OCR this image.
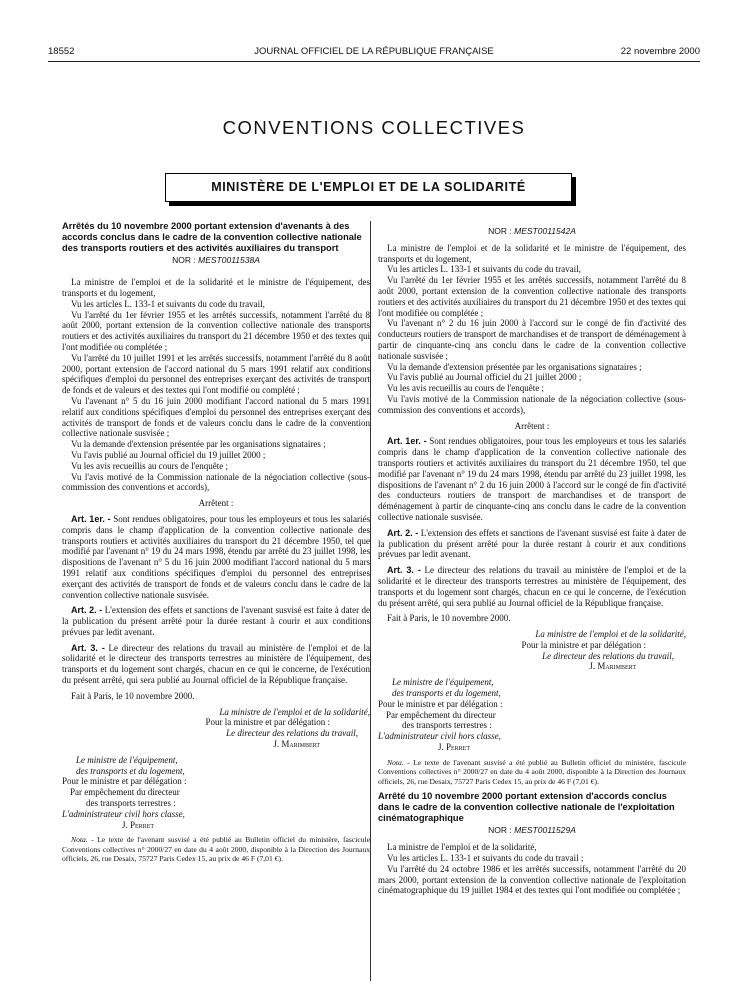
18552	JOURNAL OFFICIEL DE LA RÉPUBLIQUE FRANÇAISE	22 novembre 2000
CONVENTIONS COLLECTIVES
MINISTÈRE DE L'EMPLOI ET DE LA SOLIDARITÉ
Arrêtés du 10 novembre 2000 portant extension d'avenants à des accords conclus dans le cadre de la convention collective nationale des transports routiers et des activités auxiliaires du transport
NOR : MEST0011538A

La ministre de l'emploi et de la solidarité et le ministre de l'équipement, des transports et du logement,

Vu les articles L. 133-1 et suivants du code du travail,

Vu l'arrêté du 1er février 1955 et les arrêtés successifs, notamment l'arrêté du 8 août 2000, portant extension de la convention collective nationale des transports routiers et des activités auxiliaires du transport du 21 décembre 1950 et des textes qui l'ont modifiée ou complétée ;

Vu l'arrêté du 10 juillet 1991 et les arrêtés successifs, notamment l'arrêté du 8 août 2000, portant extension de l'accord national du 5 mars 1991 relatif aux conditions spécifiques d'emploi du personnel des entreprises exerçant des activités de transport de fonds et de valeurs et des textes qui l'ont modifié ou complété ;

Vu l'avenant n° 5 du 16 juin 2000 modifiant l'accord national du 5 mars 1991 relatif aux conditions spécifiques d'emploi du personnel des entreprises exerçant des activités de transport de fonds et de valeurs conclu dans le cadre de la convention collective nationale susvisée ;

Vu la demande d'extension présentée par les organisations signataires ;

Vu l'avis publié au Journal officiel du 19 juillet 2000 ;

Vu les avis recueillis au cours de l'enquête ;

Vu l'avis motivé de la Commission nationale de la négociation collective (sous-commission des conventions et accords),

Arrêtent :

Art. 1er. - Sont rendues obligatoires, pour tous les employeurs et tous les salariés compris dans le champ d'application de la convention collective nationale des transports routiers et activités auxiliaires du transport du 21 décembre 1950, tel que modifié par l'avenant n° 19 du 24 mars 1998, étendu par arrêté du 23 juillet 1998, les dispositions de l'avenant n° 5 du 16 juin 2000 modifiant l'accord national du 5 mars 1991 relatif aux conditions spécifiques d'emploi du personnel des entreprises exerçant des activités de transport de fonds et de valeurs conclu dans le cadre de la convention collective nationale susvisée.

Art. 2. - L'extension des effets et sanctions de l'avenant susvisé est faite à dater de la publication du présent arrêté pour la durée restant à courir et aux conditions prévues par ledit avenant.

Art. 3. - Le directeur des relations du travail au ministère de l'emploi et de la solidarité et le directeur des transports terrestres au ministère de l'équipement, des transports et du logement sont chargés, chacun en ce qui le concerne, de l'exécution du présent arrêté, qui sera publié au Journal officiel de la République française.

Fait à Paris, le 10 novembre 2000.

La ministre de l'emploi et de la solidarité,

Pour la ministre et par délégation :

Le directeur des relations du travail,

J. Marimbert

Le ministre de l'équipement,

des transports et du logement,

Pour le ministre et par délégation :

Par empêchement du directeur

des transports terrestres :

L'administrateur civil hors classe,

J. Perret

Nota. - Le texte de l'avenant susvisé a été publié au Bulletin officiel du ministère, fascicule Conventions collectives n° 2000/27 en date du 4 août 2000, disponible à la Direction des Journaux officiels, 26, rue Desaix, 75727 Paris Cedex 15, au prix de 46 F (7,01 €).

NOR : MEST0011542A

La ministre de l'emploi et de la solidarité et le ministre de l'équipement, des transports et du logement,

Vu les articles L. 133-1 et suivants du code du travail,

Vu l'arrêté du 1er février 1955 et les arrêtés successifs, notamment l'arrêté du 8 août 2000, portant extension de la convention collective nationale des transports routiers et des activités auxiliaires du transport du 21 décembre 1950 et des textes qui l'ont modifiée ou complétée ;

Vu l'avenant n° 2 du 16 juin 2000 à l'accord sur le congé de fin d'activité des conducteurs routiers de transport de marchandises et de transport de déménagement à partir de cinquante-cinq ans conclu dans le cadre de la convention collective nationale susvisée ;

Vu la demande d'extension présentée par les organisations signataires ;

Vu l'avis publié au Journal officiel du 21 juillet 2000 ;

Vu les avis recueillis au cours de l'enquête ;

Vu l'avis motivé de la Commission nationale de la négociation collective (sous-commission des conventions et accords),

Arrêtent :

Art. 1er. - Sont rendues obligatoires, pour tous les employeurs et tous les salariés compris dans le champ d'application de la convention collective nationale des transports routiers et activités auxiliaires du transport du 21 décembre 1950, tel que modifié par l'avenant n° 19 du 24 mars 1998, étendu par arrêté du 23 juillet 1998, les dispositions de l'avenant n° 2 du 16 juin 2000 à l'accord sur le congé de fin d'activité des conducteurs routiers de transport de marchandises et de transport de déménagement à partir de cinquante-cinq ans conclu dans le cadre de la convention collective nationale susvisée.

Art. 2. - L'extension des effets et sanctions de l'avenant susvisé est faite à dater de la publication du présent arrêté pour la durée restant à courir et aux conditions prévues par ledit avenant.

Art. 3. - Le directeur des relations du travail au ministère de l'emploi et de la solidarité et le directeur des transports terrestres au ministère de l'équipement, des transports et du logement sont chargés, chacun en ce qui le concerne, de l'exécution du présent arrêté, qui sera publié au Journal officiel de la République française.

Fait à Paris, le 10 novembre 2000.

La ministre de l'emploi et de la solidarité,

Pour la ministre et par délégation :

Le directeur des relations du travail,

J. Marimbert

Le ministre de l'équipement,

des transports et du logement,

Pour le ministre et par délégation :

Par empêchement du directeur

des transports terrestres :

L'administrateur civil hors classe,

J. Perret

Nota. - Le texte de l'avenant susvisé a été publié au Bulletin officiel du ministère, fascicule Conventions collectives n° 2000/27 en date du 4 août 2000, disponible à la Direction des Journaux officiels, 26, rue Desaix, 75727 Paris Cedex 15, au prix de 46 F (7,01 €).

Arrêté du 10 novembre 2000 portant extension d'accords conclus dans le cadre de la convention collective nationale de l'exploitation cinématographique
NOR : MEST0011529A

La ministre de l'emploi et de la solidarité,

Vu les articles L. 133-1 et suivants du code du travail ;

Vu l'arrêté du 24 octobre 1986 et les arrêtés successifs, notamment l'arrêté du 20 mars 2000, portant extension de la convention collective nationale de l'exploitation cinématographique du 19 juillet 1984 et des textes qui l'ont modifiée ou complétée ;
